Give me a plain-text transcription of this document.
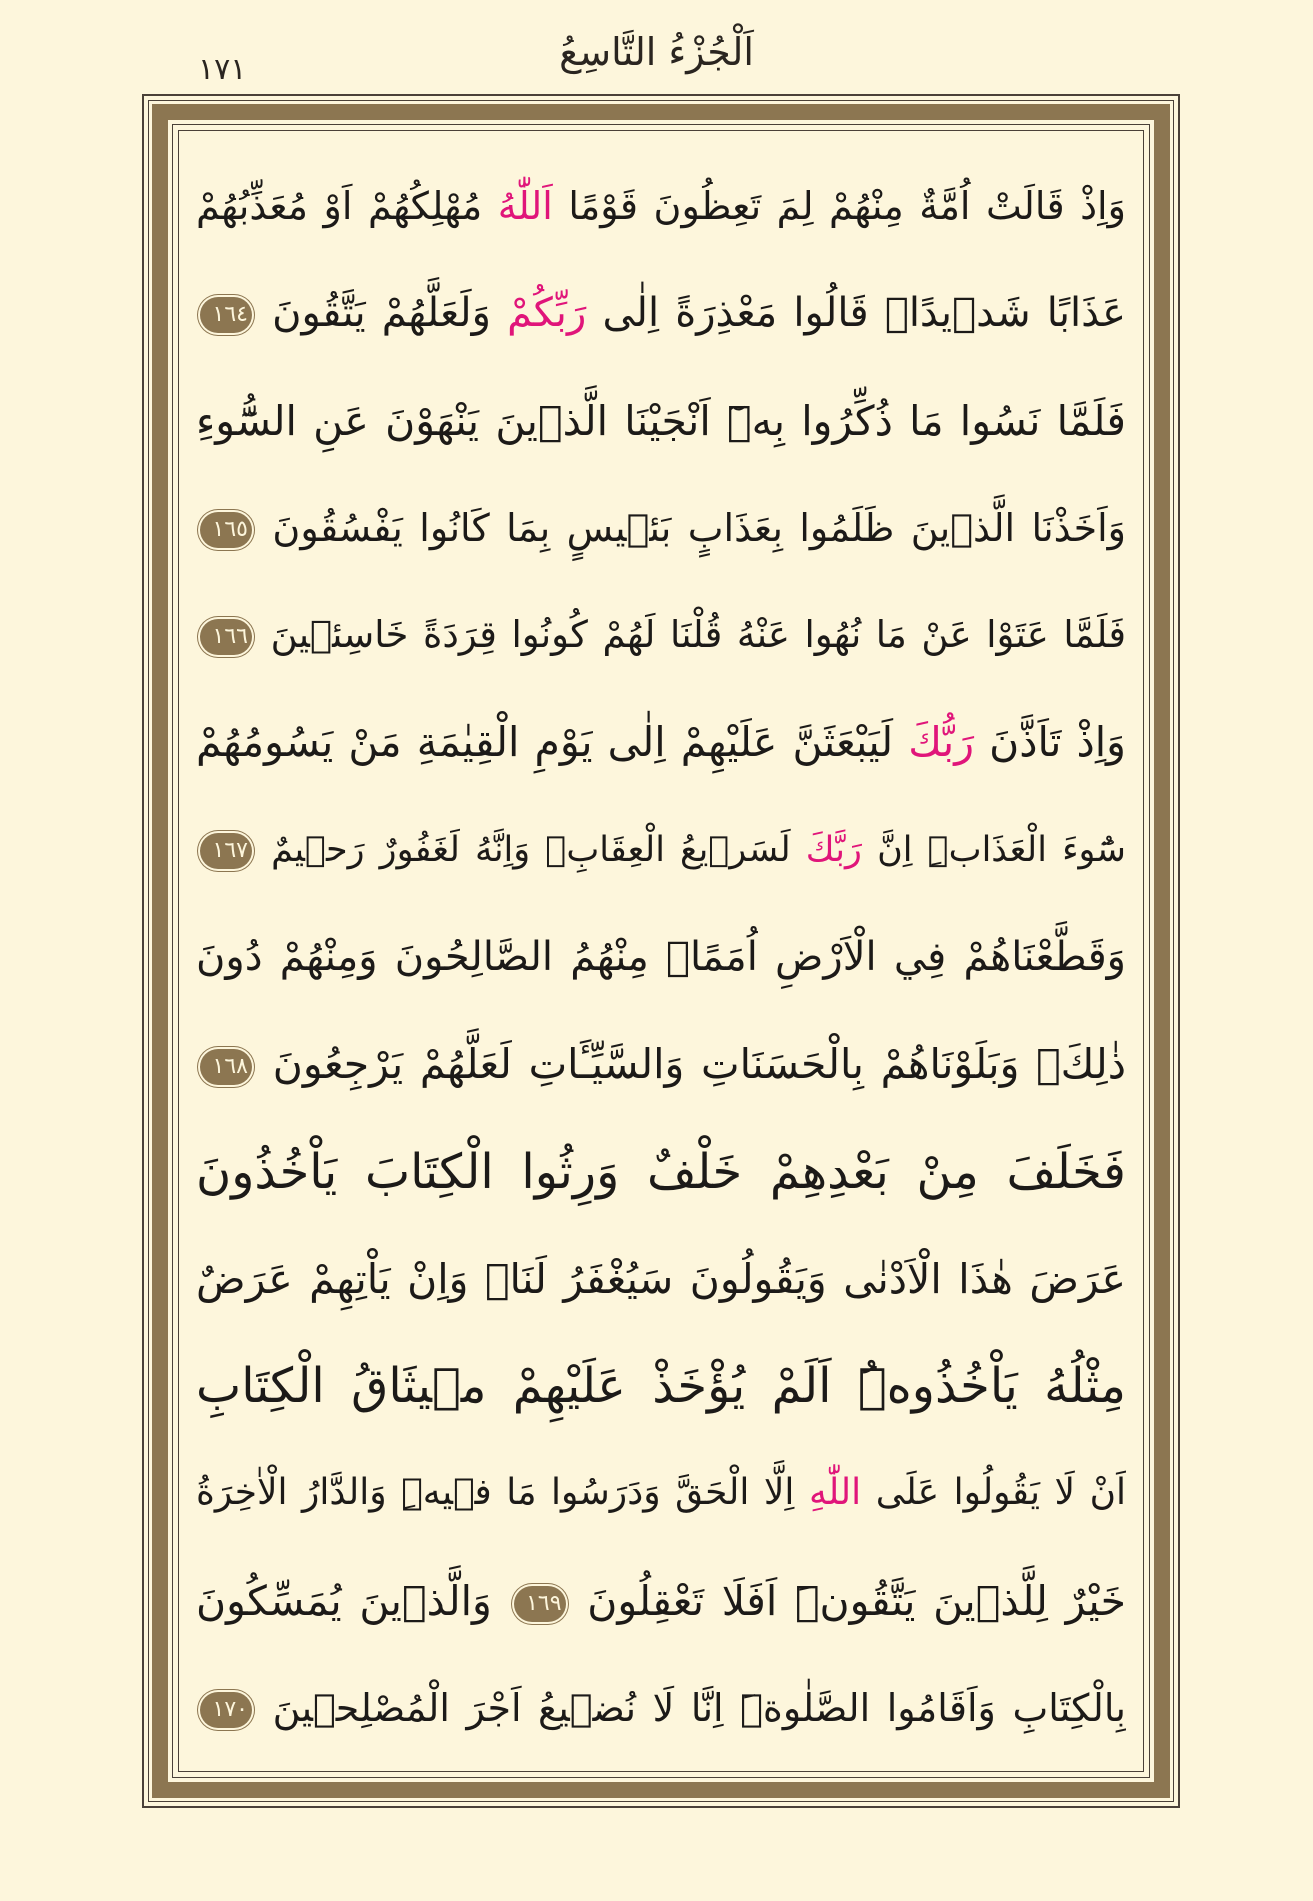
اَلْجُزْءُ التَّاسِعُ
١٧١
وَاِذْ قَالَتْ اُمَّةٌ مِنْهُمْ لِمَ تَعِظُونَ قَوْمًا اَللّٰهُ مُهْلِكُهُمْ اَوْ مُعَذِّبُهُمْ
عَذَابًا شَد۪يدًاۜ قَالُوا مَعْذِرَةً اِلٰى رَبِّكُمْ وَلَعَلَّهُمْ يَتَّقُونَ ١٦٤
فَلَمَّا نَسُوا مَا ذُكِّرُوا بِه۪ٓ اَنْجَيْنَا الَّذ۪ينَ يَنْهَوْنَ عَنِ السُّٓوءِ
وَاَخَذْنَا الَّذ۪ينَ ظَلَمُوا بِعَذَابٍ بَئ۪يسٍ بِمَا كَانُوا يَفْسُقُونَ ١٦٥
فَلَمَّا عَتَوْا عَنْ مَا نُهُوا عَنْهُ قُلْنَا لَهُمْ كُونُوا قِرَدَةً خَاسِئ۪ينَ ١٦٦
وَاِذْ تَاَذَّنَ رَبُّكَ لَيَبْعَثَنَّ عَلَيْهِمْ اِلٰى يَوْمِ الْقِيٰمَةِ مَنْ يَسُومُهُمْ
سُٓوءَ الْعَذَابِۜ اِنَّ رَبَّكَ لَسَر۪يعُ الْعِقَابِۚ وَاِنَّهُ لَغَفُورٌ رَح۪يمٌ ١٦٧
وَقَطَّعْنَاهُمْ فِي الْاَرْضِ اُمَمًاۚ مِنْهُمُ الصَّالِحُونَ وَمِنْهُمْ دُونَ
ذٰلِكَۘ وَبَلَوْنَاهُمْ بِالْحَسَنَاتِ وَالسَّيِّـَٔاتِ لَعَلَّهُمْ يَرْجِعُونَ ١٦٨
فَخَلَفَ مِنْ بَعْدِهِمْ خَلْفٌ وَرِثُوا الْكِتَابَ يَاْخُذُونَ
عَرَضَ هٰذَا الْاَدْنٰى وَيَقُولُونَ سَيُغْفَرُ لَنَاۚ وَاِنْ يَاْتِهِمْ عَرَضٌ
مِثْلُهُ يَاْخُذُوهُۜ اَلَمْ يُؤْخَذْ عَلَيْهِمْ م۪يثَاقُ الْكِتَابِ
اَنْ لَا يَقُولُوا عَلَى اللّٰهِ اِلَّا الْحَقَّ وَدَرَسُوا مَا ف۪يهِۜ وَالدَّارُ الْاٰخِرَةُ
خَيْرٌ لِلَّذ۪ينَ يَتَّقُونَۜ اَفَلَا تَعْقِلُونَ ١٦٩ وَالَّذ۪ينَ يُمَسِّكُونَ
بِالْكِتَابِ وَاَقَامُوا الصَّلٰوةَۜ اِنَّا لَا نُض۪يعُ اَجْرَ الْمُصْلِح۪ينَ ١٧٠
